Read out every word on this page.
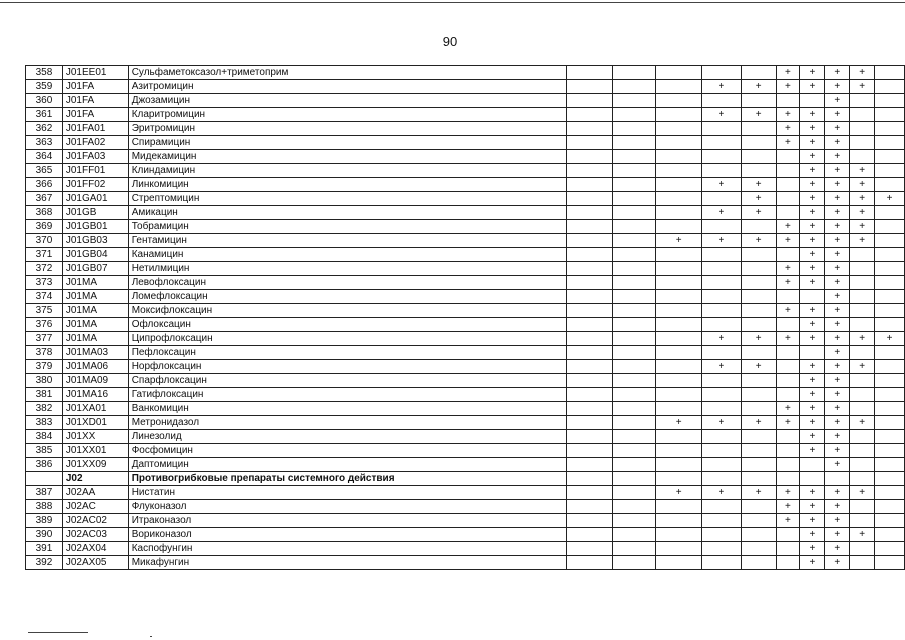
90
358	J01EE01	Сульфаметоксазол+триметоприм						+	+	+	+	
359	J01FA	Азитромицин				+	+	+	+	+	+	
360	J01FA	Джозамицин								+		
361	J01FA	Кларитромицин				+	+	+	+	+		
362	J01FA01	Эритромицин						+	+	+		
363	J01FA02	Спирамицин						+	+	+		
364	J01FA03	Мидекамицин							+	+		
365	J01FF01	Клиндамицин							+	+	+	
366	J01FF02	Линкомицин				+	+		+	+	+	
367	J01GA01	Стрептомицин					+		+	+	+	+
368	J01GB	Амикацин				+	+		+	+	+	
369	J01GB01	Тобрамицин						+	+	+	+	
370	J01GB03	Гентамицин			+	+	+	+	+	+	+	
371	J01GB04	Канамицин							+	+		
372	J01GB07	Нетилмицин						+	+	+		
373	J01MA	Левофлоксацин						+	+	+		
374	J01MA	Ломефлоксацин								+		
375	J01MA	Моксифлоксацин						+	+	+		
376	J01MA	Офлоксацин							+	+		
377	J01MA	Ципрофлоксацин				+	+	+	+	+	+	+
378	J01MA03	Пефлоксацин								+		
379	J01MA06	Норфлоксацин				+	+		+	+	+	
380	J01MA09	Спарфлоксацин							+	+		
381	J01MA16	Гатифлоксацин							+	+		
382	J01XA01	Ванкомицин						+	+	+		
383	J01XD01	Метронидазол			+	+	+	+	+	+	+	
384	J01XX	Линезолид							+	+		
385	J01XX01	Фосфомицин							+	+		
386	J01XX09	Даптомицин								+		
	J02	Противогрибковые препараты системного действия										
387	J02AA	Нистатин			+	+	+	+	+	+	+	
388	J02AC	Флуконазол						+	+	+		
389	J02AC02	Итраконазол						+	+	+		
390	J02AC03	Вориконазол							+	+	+	
391	J02AX04	Каспофунгин							+	+		
392	J02AX05	Микафунгин							+	+		
